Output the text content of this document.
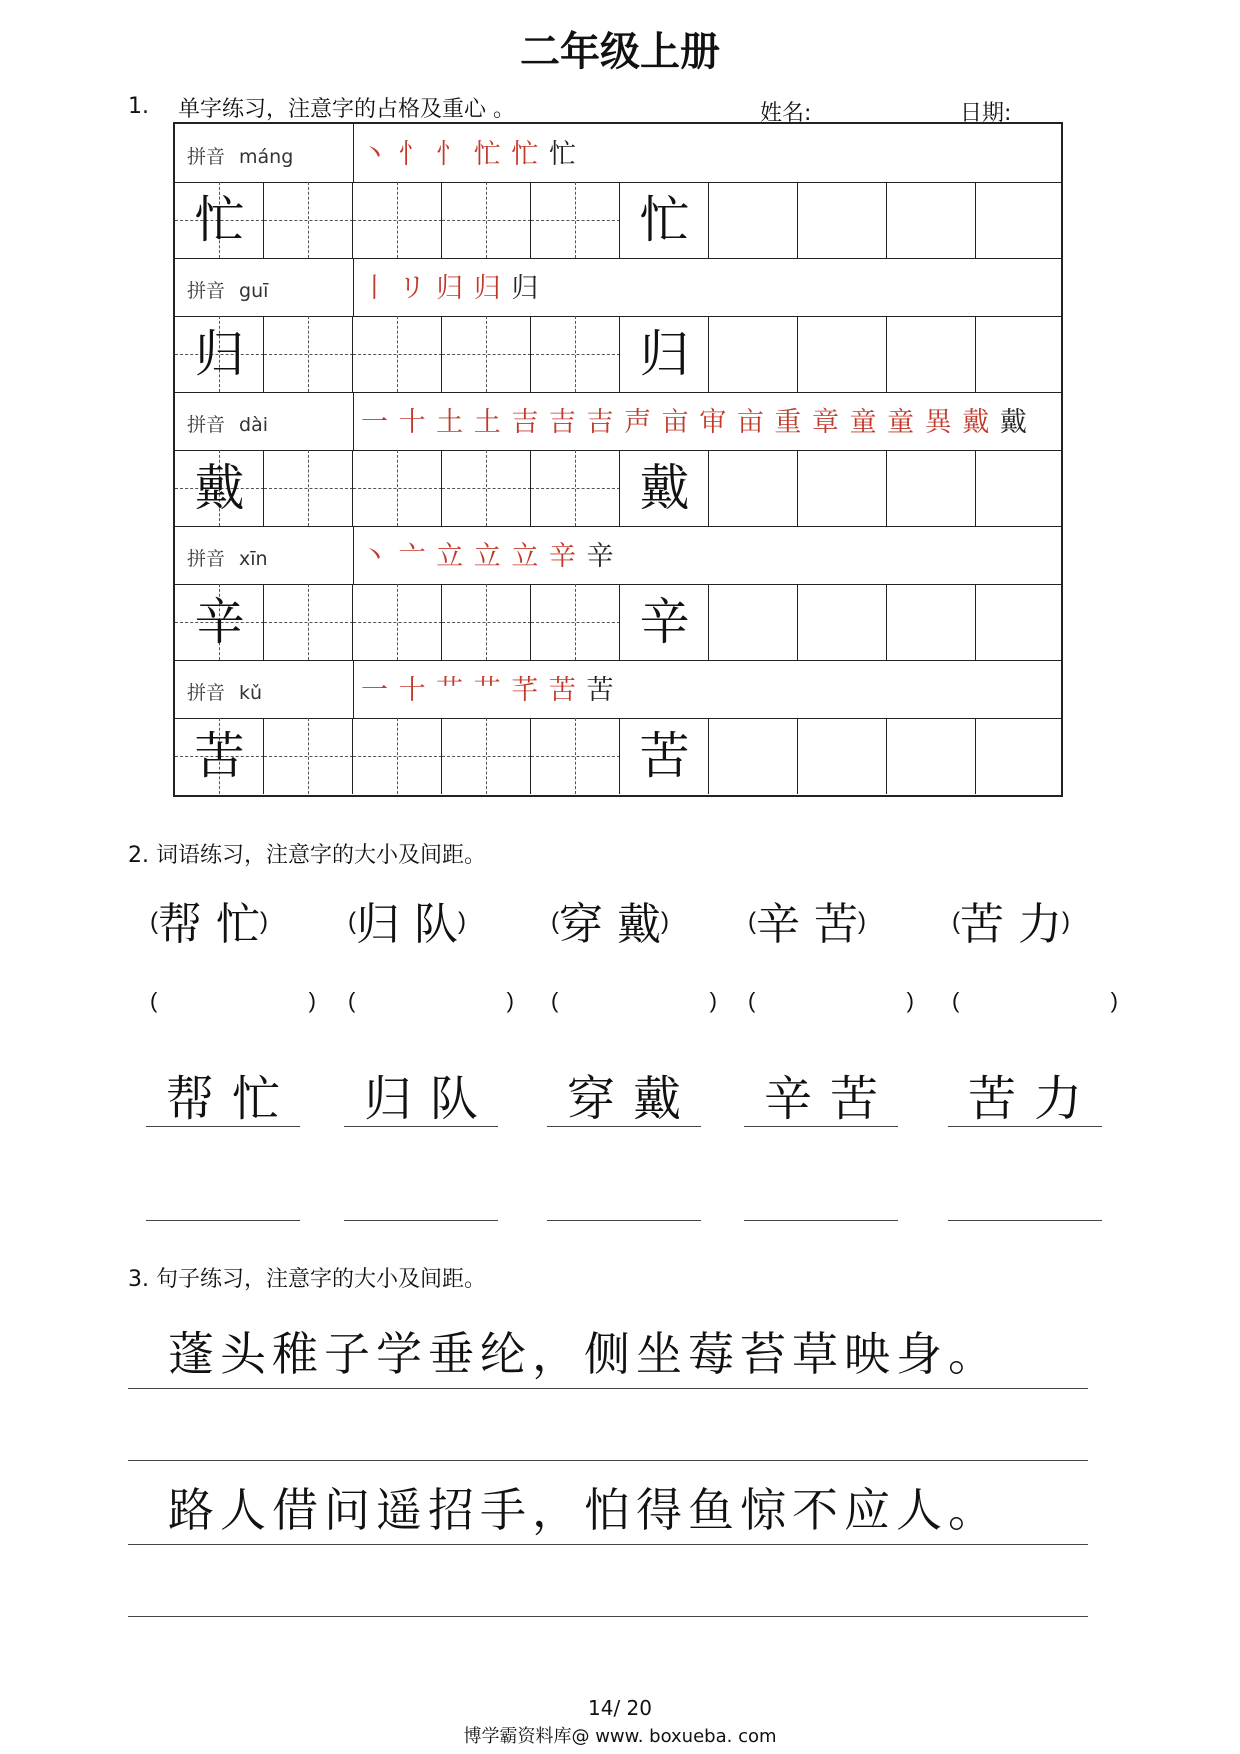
二年级上册
1. 单字练习，注意字的占格及重心 。	姓名:	日期:
拼音 máng	丶 忄 忄 忙 忙 忙
忙	忙
拼音 guī	丨 リ 归 归 归
归	归
拼音 dài	一 十 土 土 吉 吉 吉 声 亩 审 亩 重 章 童 童 異 戴 戴
戴	戴
拼音 xīn	丶 亠 立 立 立 辛 辛
辛	辛
拼音 kǔ	一 十 艹 艹 芊 苦 苦
苦	苦
2. 词语练习，注意字的大小及间距。
(帮 忙)
(	)
帮忙
(归 队)
(	)
归队
(穿 戴)
(	)
穿戴
(辛 苦)
(	)
辛苦
(苦 力)
(	)
苦力
3. 句子练习，注意字的大小及间距。
蓬头稚子学垂纶，侧坐莓苔草映身。
路人借问遥招手，怕得鱼惊不应人。
14/ 20
博学霸资料库@ www. boxueba. com
